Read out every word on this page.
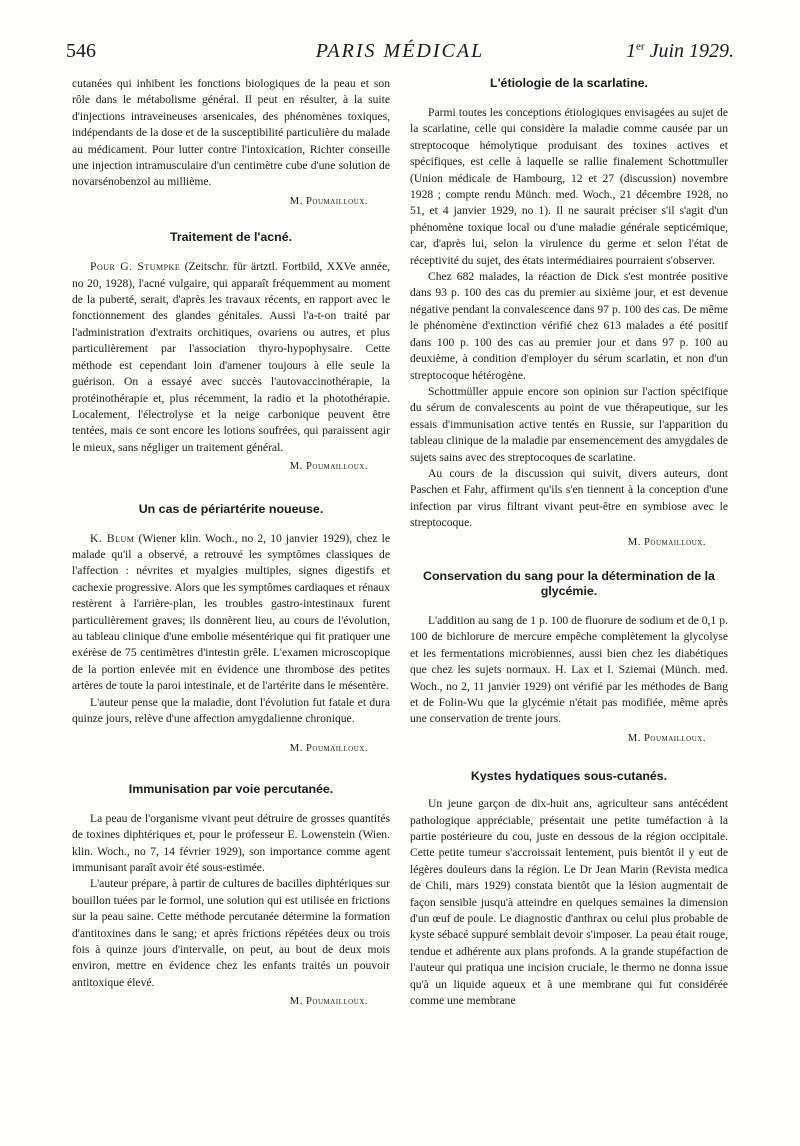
546	PARIS MÉDICAL	1er Juin 1929.

cutanées qui inhibent les fonctions biologiques de la peau et son rôle dans le métabolisme général. Il peut en résulter, à la suite d'injections intraveineuses arsenicales, des phénomènes toxiques, indépendants de la dose et de la susceptibilité particulière du malade au médicament. Pour lutter contre l'intoxication, Richter conseille une injection intramusculaire d'un centimètre cube d'une solution de novarsénobenzol au millième.

M. Poumailloux.

Traitement de l'acné.

Pour G. Stumpke (Zeitschr. für ärtztl. Fortbild, XXVe année, no 20, 1928), l'acné vulgaire, qui apparaît fréquemment au moment de la puberté, serait, d'après les travaux récents, en rapport avec le fonctionnement des glandes génitales. Aussi l'a-t-on traité par l'administration d'extraits orchitiques, ovariens ou autres, et plus particulièrement par l'association thyro-hypophysaire. Cette méthode est cependant loin d'amener toujours à elle seule la guérison. On a essayé avec succès l'autovaccinothérapie, la protéinothérapie et, plus récemment, la radio et la photothérapie. Localement, l'électrolyse et la neige carbonique peuvent être tentées, mais ce sont encore les lotions soufrées, qui paraissent agir le mieux, sans négliger un traitement général.

M. Poumailloux.

Un cas de périartérite noueuse.

K. Blum (Wiener klin. Woch., no 2, 10 janvier 1929), chez le malade qu'il a observé, a retrouvé les symptômes classiques de l'affection : névrites et myalgies multiples, signes digestifs et cachexie progressive. Alors que les symptômes cardiaques et rénaux restèrent à l'arrière-plan, les troubles gastro-intestinaux furent particulièrement graves; ils donnèrent lieu, au cours de l'évolution, au tableau clinique d'une embolie mésentérique qui fit pratiquer une exérèse de 75 centimètres d'intestin grêle. L'examen microscopique de la portion enlevée mit en évidence une thrombose des petites artères de toute la paroi intestinale, et de l'artérite dans le mésentère.

L'auteur pense que la maladie, dont l'évolution fut fatale et dura quinze jours, relève d'une affection amygdalienne chronique.

M. Poumailloux.

Immunisation par voie percutanée.

La peau de l'organisme vivant peut détruire de grosses quantités de toxines diphtériques et, pour le professeur E. Lowenstein (Wien. klin. Woch., no 7, 14 février 1929), son importance comme agent immunisant paraît avoir été sous-estimée.

L'auteur prépare, à partir de cultures de bacilles diphtériques sur bouillon tuées par le formol, une solution qui est utilisée en frictions sur la peau saine. Cette méthode percutanée détermine la formation d'antitoxines dans le sang; et après frictions répétées deux ou trois fois à quinze jours d'intervalle, on peut, au bout de deux mois environ, mettre en évidence chez les enfants traités un pouvoir antitoxique élevé.

M. Poumailloux.

L'étiologie de la scarlatine.

Parmi toutes les conceptions étiologiques envisagées au sujet de la scarlatine, celle qui considère la maladie comme causée par un streptocoque hémolytique produisant des toxines actives et spécifiques, est celle à laquelle se rallie finalement Schottmuller (Union médicale de Hambourg, 12 et 27 (discussion) novembre 1928 ; compte rendu Münch. med. Woch., 21 décembre 1928, no 51, et 4 janvier 1929, no 1). Il ne saurait préciser s'il s'agit d'un phénomène toxique local ou d'une maladie générale septicémique, car, d'après lui, selon la virulence du germe et selon l'état de réceptivité du sujet, des états intermédiaires pourraient s'observer.

Chez 682 malades, la réaction de Dick s'est montrée positive dans 93 p. 100 des cas du premier au sixième jour, et est devenue négative pendant la convalescence dans 97 p. 100 des cas. De même le phénomène d'extinction vérifié chez 613 malades a été positif dans 100 p. 100 des cas au premier jour et dans 97 p. 100 au deuxième, à condition d'employer du sérum scarlatin, et non d'un streptocoque hétérogène.

Schottmüller appuie encore son opinion sur l'action spécifique du sérum de convalescents au point de vue thérapeutique, sur les essais d'immunisation active tentés en Russie, sur l'apparition du tableau clinique de la maladie par ensemencement des amygdales de sujets sains avec des streptocoques de scarlatine.

Au cours de la discussion qui suivit, divers auteurs, dont Paschen et Fahr, affirment qu'ils s'en tiennent à la conception d'une infection par virus filtrant vivant peut-être en symbiose avec le streptocoque.

M. Poumailloux.

Conservation du sang pour la détermination de la glycémie.

L'addition au sang de 1 p. 100 de fluorure de sodium et de 0,1 p. 100 de bichlorure de mercure empêche complètement la glycolyse et les fermentations microbiennes, aussi bien chez les diabétiques que chez les sujets normaux. H. Lax et I. Sziemai (Münch. med. Woch., no 2, 11 janvier 1929) ont vérifié par les méthodes de Bang et de Folin-Wu que la glycémie n'était pas modifiée, même après une conservation de trente jours.

M. Poumailloux.

Kystes hydatiques sous-cutanés.

Un jeune garçon de dix-huit ans, agriculteur sans antécédent pathologique appréciable, présentait une petite tuméfaction à la partie postérieure du cou, juste en dessous de la région occipitale. Cette petite tumeur s'accroissait lentement, puis bientôt il y eut de légères douleurs dans la région. Le Dr Jean Marin (Revista medica de Chili, mars 1929) constata bientôt que la lésion augmentait de façon sensible jusqu'à atteindre en quelques semaines la dimension d'un œuf de poule. Le diagnostic d'anthrax ou celui plus probable de kyste sébacé suppuré semblait devoir s'imposer. La peau était rouge, tendue et adhérente aux plans profonds. A la grande stupéfaction de l'auteur qui pratiqua une incision cruciale, le thermo ne donna issue qu'à un liquide aqueux et à une membrane qui fut considérée comme une membrane
